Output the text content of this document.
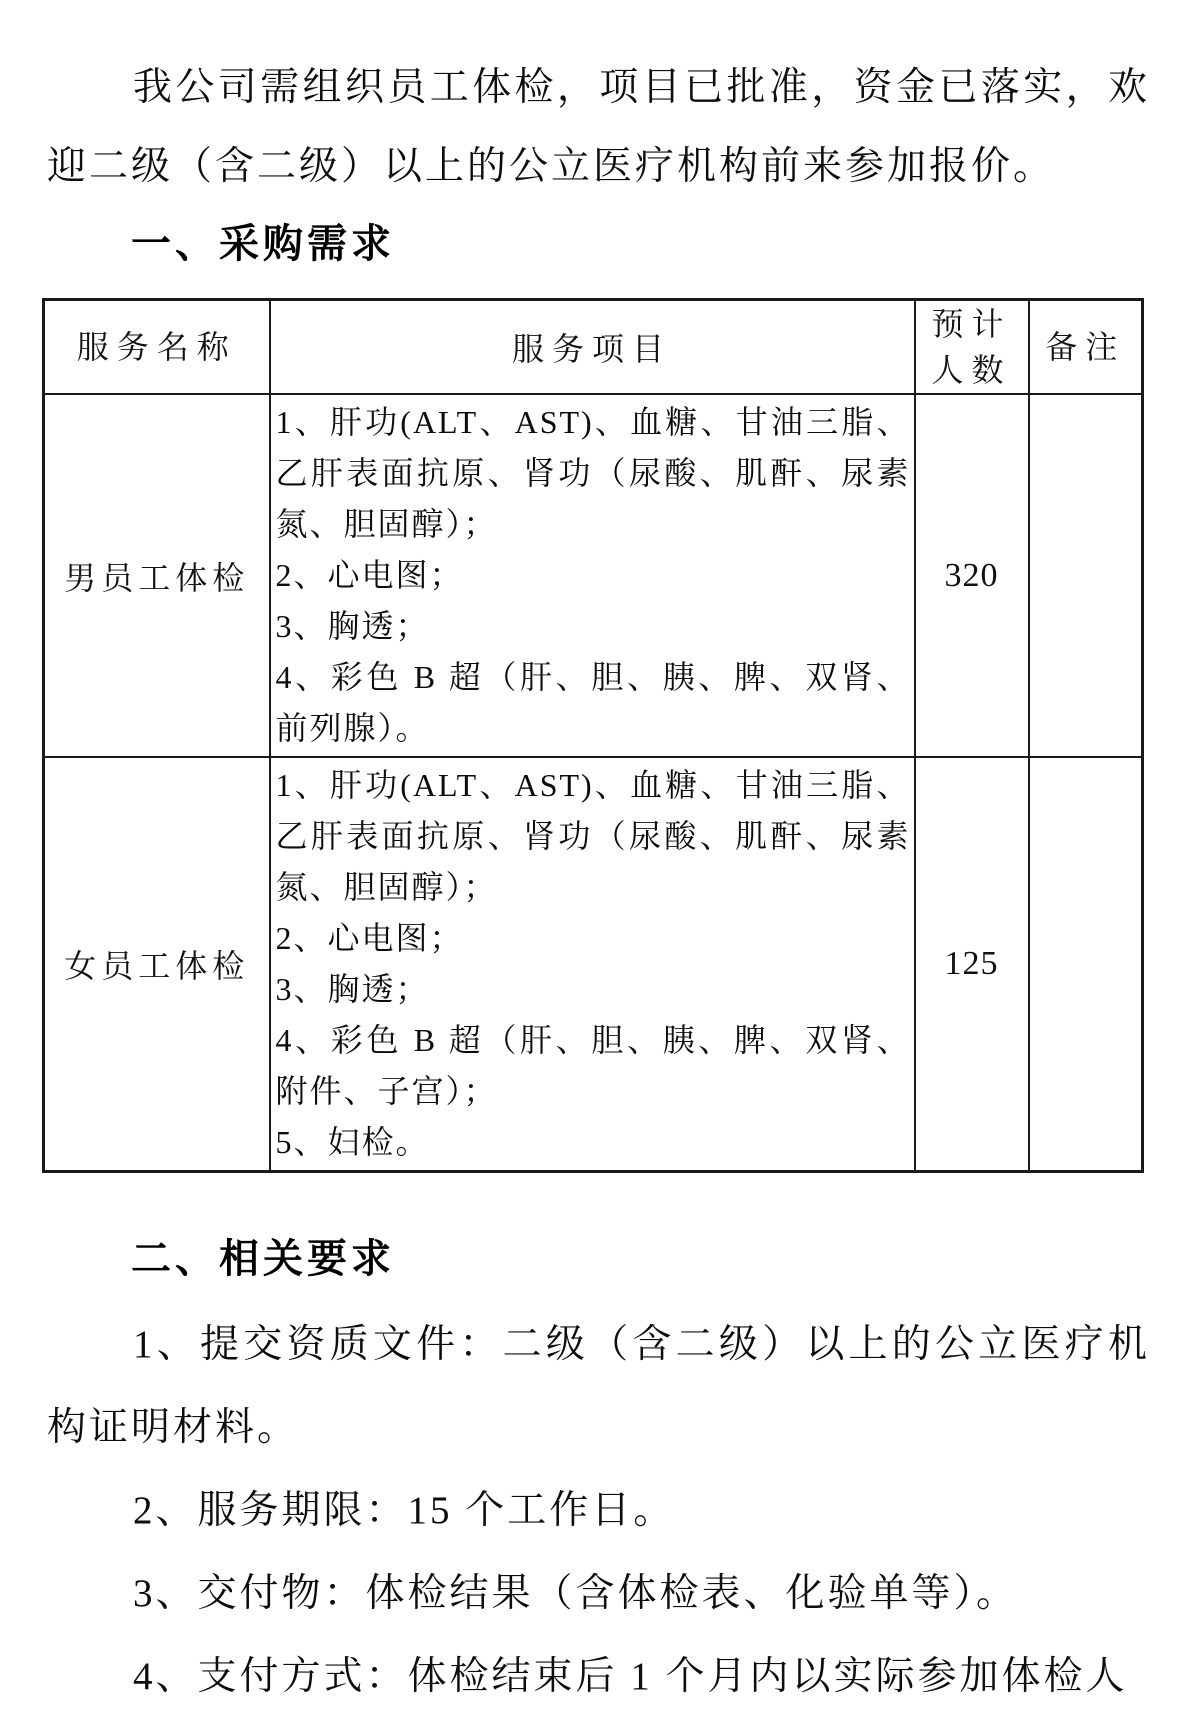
我公司需组织员工体检，项目已批准，资金已落实，欢迎二级（含二级）以上的公立医疗机构前来参加报价。

一、采购需求
服务名称	服务项目	预计人数	备注
男员工体检	1、肝功(ALT、AST)、血糖、甘油三脂、乙肝表面抗原、肾功（尿酸、肌酐、尿素氮、胆固醇）；

2、心电图；

3、胸透；

4、彩色 B 超（肝、胆、胰、脾、双肾、前列腺）。	320	
女员工体检	1、肝功(ALT、AST)、血糖、甘油三脂、乙肝表面抗原、肾功（尿酸、肌酐、尿素氮、胆固醇）；

2、心电图；

3、胸透；

4、彩色 B 超（肝、胆、胰、脾、双肾、附件、子宫）；

5、妇检。	125	
二、相关要求

1、提交资质文件：二级（含二级）以上的公立医疗机构证明材料。

2、服务期限：15 个工作日。

3、交付物：体检结果（含体检表、化验单等）。

4、支付方式：体检结束后 1 个月内以实际参加体检人
